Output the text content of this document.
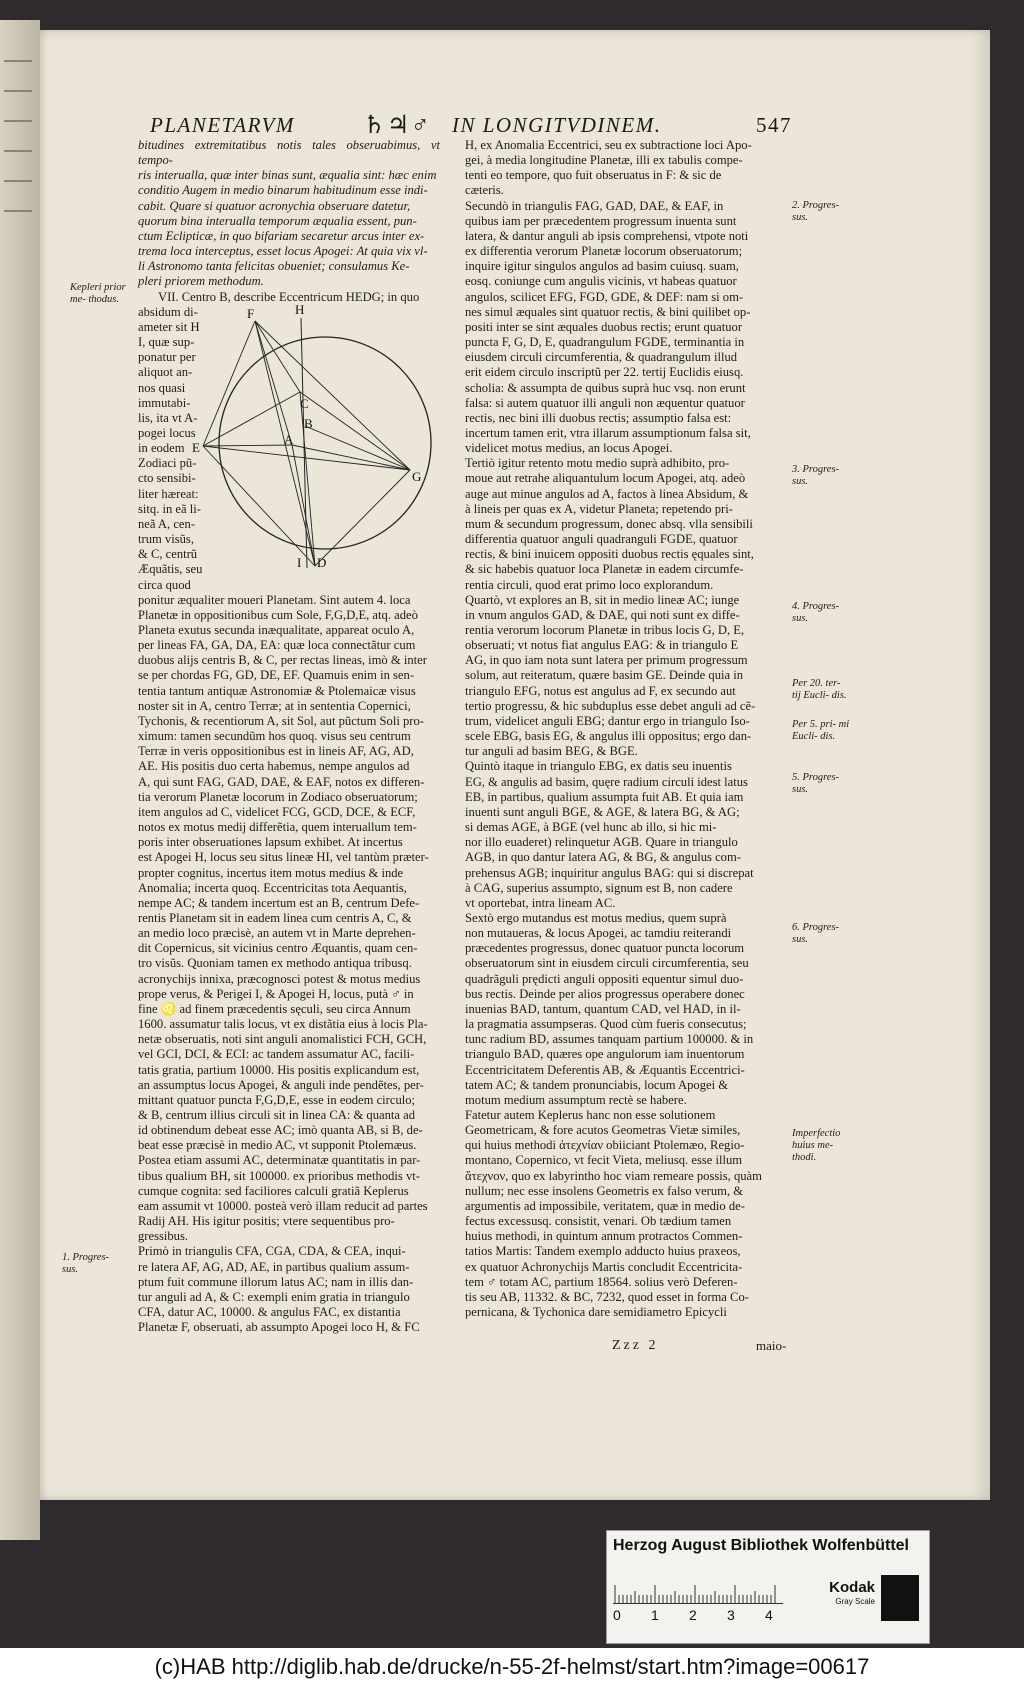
PLANETARVM	♄♃♂ IN LONGITVDINEM.	547
bitudines extremitatibus notis tales obseruabimus, vt tempo-
ris interualla, quæ inter binas sunt, æqualia sint: hæc enim
conditio Augem in medio binarum habitudinum esse indi-
cabit. Quare si quatuor acronychia obseruare datetur,
quorum bina interualla temporum æqualia essent, pun-
ctum Eclipticæ, in quo bifariam secaretur arcus inter ex-
trema loca interceptus, esset locus Apogei: At quia vix vl-
li Astronomo tanta felicitas obueniet; consulamus Ke-
pleri priorem methodum.
VII. Centro B, describe Eccentricum HEDG; in quo
absidum di-
ameter sit H
I, quæ sup-
ponatur per
aliquot an-
nos quasi
immutabi-
lis, ita vt A-
pogei locus
in eodem
Zodiaci pũ-
cto sensibi-
liter hæreat:
sitq. in eã li-
neã A, cen-
trum visũs,
& C, centrũ
Æquãtis, seu
circa quod
ponitur æqualiter moueri Planetam. Sint autem 4. loca
Planetæ in oppositionibus cum Sole, F,G,D,E, atq. adeò
Planeta exutus secunda inæqualitate, appareat oculo A,
per lineas FA, GA, DA, EA: quæ loca connectãtur cum
duobus alijs centris B, & C, per rectas lineas, imò & inter
se per chordas FG, GD, DE, EF. Quamuis enim in sen-
tentia tantum antiquæ Astronomiæ & Ptolemaicæ visus
noster sit in A, centro Terræ; at in sententia Copernici,
Tychonis, & recentiorum A, sit Sol, aut pũctum Soli pro-
ximum: tamen secundũm hos quoq. visus seu centrum
Terræ in veris oppositionibus est in lineis AF, AG, AD,
AE. His positis duo certa habemus, nempe angulos ad
A, qui sunt FAG, GAD, DAE, & EAF, notos ex differen-
tia verorum Planetæ locorum in Zodiaco obseruatorum;
item angulos ad C, videlicet FCG, GCD, DCE, & ECF,
notos ex motus medij differẽtia, quem interuallum tem-
poris inter obseruationes lapsum exhibet. At incertus
est Apogei H, locus seu situs lineæ HI, vel tantùm præter-
propter cognitus, incertus item motus medius & inde
Anomalia; incerta quoq. Eccentricitas tota Aequantis,
nempe AC; & tandem incertum est an B, centrum Defe-
rentis Planetam sit in eadem linea cum centris A, C, &
an medio loco præcisè, an autem vt in Marte deprehen-
dit Copernicus, sit vicinius centro Æquantis, quam cen-
tro visũs. Quoniam tamen ex methodo antiqua tribusq.
acronychijs innixa, præcognosci potest & motus medius
prope verus, & Perigei I, & Apogei H, locus, putà ♂ in
fine ♌ ad finem præcedentis sęculi, seu circa Annum
1600. assumatur talis locus, vt ex distãtia eius à locis Pla-
netæ obseruatis, noti sint anguli anomalistici FCH, GCH,
vel GCI, DCI, & ECI: ac tandem assumatur AC, facili-
tatis gratia, partium 10000. His positis explicandum est,
an assumptus locus Apogei, & anguli inde pendẽtes, per-
mittant quatuor puncta F,G,D,E, esse in eodem circulo;
& B, centrum illius circuli sit in linea CA: & quanta ad
id obtinendum debeat esse AC; imò quanta AB, si B, de-
beat esse præcisè in medio AC, vt supponit Ptolemæus.
Postea etiam assumi AC, determinatæ quantitatis in par-
tibus qualium BH, sit 100000. ex prioribus methodis vt-
cumque cognita: sed faciliores calculi gratiã Keplerus
eam assumit vt 10000. posteà verò illam reducit ad partes
Radij AH. His igitur positis; vtere sequentibus pro-
gressibus.
Primò in triangulis CFA, CGA, CDA, & CEA, inqui-
re latera AF, AG, AD, AE, in partibus qualium assum-
ptum fuit commune illorum latus AC; nam in illis dan-
tur anguli ad A, & C: exempli enim gratia in triangulo
CFA, datur AC, 10000. & angulus FAC, ex distantia
Planetæ F, obseruati, ab assumpto Apogei loco H, & FC
H, ex Anomalia Eccentrici, seu ex subtractione loci Apo-
gei, à media longitudine Planetæ, illi ex tabulis compe-
tenti eo tempore, quo fuit obseruatus in F: & sic de
cæteris.
Secundò in triangulis FAG, GAD, DAE, & EAF, in
quibus iam per præcedentem progressum inuenta sunt
latera, & dantur anguli ab ipsis comprehensi, vtpote noti
ex differentia verorum Planetæ locorum obseruatorum;
inquire igitur singulos angulos ad basim cuiusq. suam,
eosq. coniunge cum angulis vicinis, vt habeas quatuor
angulos, scilicet EFG, FGD, GDE, & DEF: nam si om-
nes simul æquales sint quatuor rectis, & bini quilibet op-
positi inter se sint æquales duobus rectis; erunt quatuor
puncta F, G, D, E, quadrangulum FGDE, terminantia in
eiusdem circuli circumferentia, & quadrangulum illud
erit eidem circulo inscriptũ per 22. tertij Euclidis eiusq.
scholia: & assumpta de quibus suprà huc vsq. non erunt
falsa: si autem quatuor illi anguli non æquentur quatuor
rectis, nec bini illi duobus rectis; assumptio falsa est:
incertum tamen erit, vtra illarum assumptionum falsa sit,
videlicet motus medius, an locus Apogei.
Tertiò igitur retento motu medio suprà adhibito, pro-
moue aut retrahe aliquantulum locum Apogei, atq. adeò
auge aut minue angulos ad A, factos à linea Absidum, &
à lineis per quas ex A, videtur Planeta; repetendo pri-
mum & secundum progressum, donec absq. vlla sensibili
differentia quatuor anguli quadranguli FGDE, quatuor
rectis, & bini inuicem oppositi duobus rectis ęquales sint,
& sic habebis quatuor loca Planetæ in eadem circumfe-
rentia circuli, quod erat primo loco explorandum.
Quartò, vt explores an B, sit in medio lineæ AC; iunge
in vnum angulos GAD, & DAE, qui noti sunt ex diffe-
rentia verorum locorum Planetæ in tribus locis G, D, E,
obseruati; vt notus fiat angulus EAG: & in triangulo E
AG, in quo iam nota sunt latera per primum progressum
solum, aut reiteratum, quære basim GE. Deinde quia in
triangulo EFG, notus est angulus ad F, ex secundo aut
tertio progressu, & hic subduplus esse debet anguli ad cẽ-
trum, videlicet anguli EBG; dantur ergo in triangulo Iso-
scele EBG, basis EG, & angulus illi oppositus; ergo dan-
tur anguli ad basim BEG, & BGE.
Quintò itaque in triangulo EBG, ex datis seu inuentis
EG, & angulis ad basim, quęre radium circuli idest latus
EB, in partibus, qualium assumpta fuit AB. Et quia iam
inuenti sunt anguli BGE, & AGE, & latera BG, & AG;
si demas AGE, à BGE (vel hunc ab illo, si hic mi-
nor illo euaderet) relinquetur AGB. Quare in triangulo
AGB, in quo dantur latera AG, & BG, & angulus com-
prehensus AGB; inquiritur angulus BAG: qui si discrepat
à CAG, superius assumpto, signum est B, non cadere
vt oportebat, intra lineam AC.
Sextò ergo mutandus est motus medius, quem suprà
non mutaueras, & locus Apogei, ac tamdiu reiterandi
præcedentes progressus, donec quatuor puncta locorum
obseruatorum sint in eiusdem circuli circumferentia, seu
quadrãguli prędicti anguli oppositi equentur simul duo-
bus rectis. Deinde per alios progressus operabere donec
inuenias BAD, tantum, quantum CAD, vel HAD, in il-
la pragmatia assumpseras. Quod cùm fueris consecutus;
tunc radium BD, assumes tanquam partium 100000. & in
triangulo BAD, quæres ope angulorum iam inuentorum
Eccentricitatem Deferentis AB, & Æquantis Eccentrici-
tatem AC; & tandem pronunciabis, locum Apogei &
motum medium assumptum rectè se habere.
Fatetur autem Keplerus hanc non esse solutionem
Geometricam, & fore acutos Geometras Vietæ similes,
qui huius methodi ἀτεχνίαν obiiciant Ptolemæo, Regio-
montano, Copernico, vt fecit Vieta, meliusq. esse illum
ἄτεχνον, quo ex labyrintho hoc viam remeare possis, quàm
nullum; nec esse insolens Geometris ex falso verum, &
argumentis ad impossibile, veritatem, quæ in medio de-
fectus excessusq. consistit, venari. Ob tædium tamen
huius methodi, in quintum annum protractos Commen-
tatios Martis: Tandem exemplo adducto huius praxeos,
ex quatuor Achronychijs Martis concludit Eccentricita-
tem ♂ totam AC, partium 18564. solius verò Deferen-
tis seu AB, 11332. & BC, 7232, quod esset in forma Co-
pernicana, & Tychonica dare semidiametro Epicycli
F	H
E
A
C
B
G
I D
Kepleri prior me- thodus.
1. Progres- sus.
2. Progres- sus.
3. Progres- sus.
4. Progres- sus.
Per 20. ter- tij Eucli- dis.
Per 5. pri- mi Eucli- dis.
5. Progres- sus.
6. Progres- sus.
Imperfectio huius me- thodi.
Zzz 2	maio-
Herzog August Bibliothek Wolfenbüttel
0 1 2 3 4
Kodak
Gray Scale
(c)HAB http://diglib.hab.de/drucke/n-55-2f-helmst/start.htm?image=00617
